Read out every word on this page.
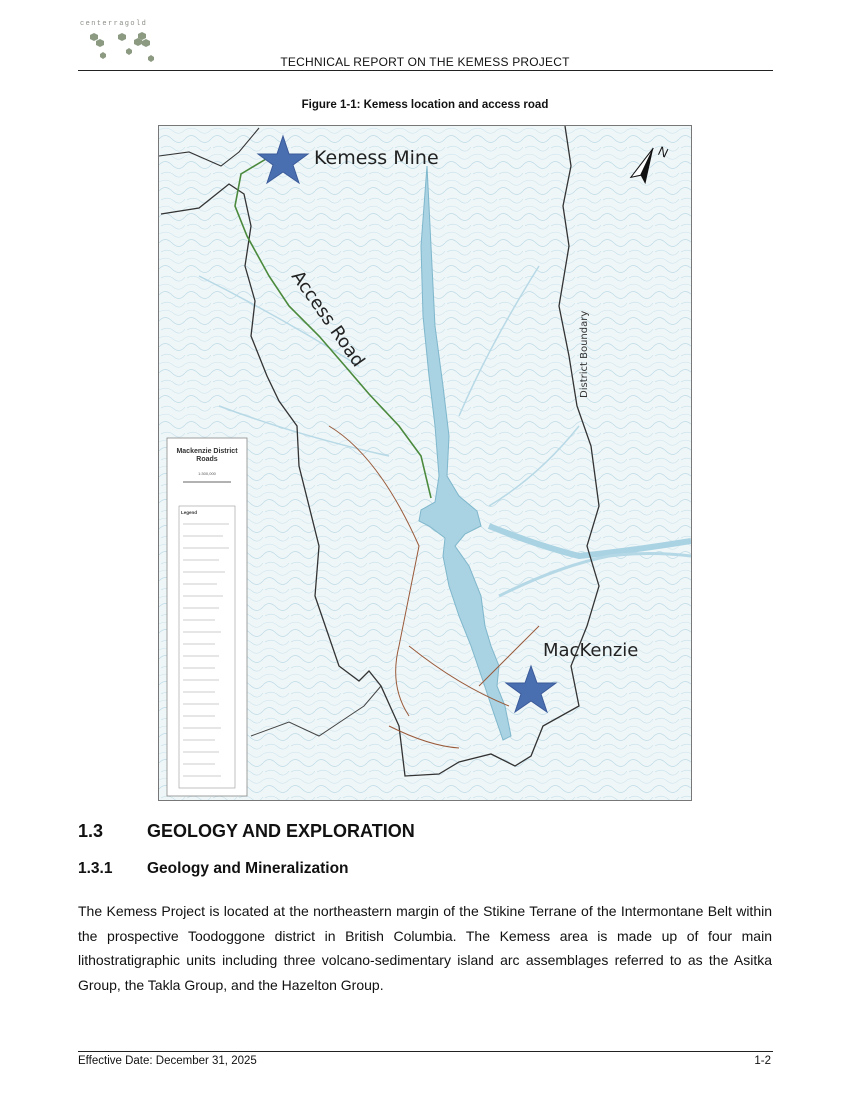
centerragold
TECHNICAL REPORT ON THE KEMESS PROJECT
Figure 1-1: Kemess location and access road
Mackenzie District
Roads
1:300,000
Legend
N
Kemess Mine
Access Road	District Boundary
MacKenzie
1.3 GEOLOGY AND EXPLORATION
1.3.1 Geology and Mineralization
The Kemess Project is located at the northeastern margin of the Stikine Terrane of the Intermontane Belt within the prospective Toodoggone district in British Columbia. The Kemess area is made up of four main lithostratigraphic units including three volcano-sedimentary island arc assemblages referred to as the Asitka Group, the Takla Group, and the Hazelton Group.
Effective Date: December 31, 2025	1-2
